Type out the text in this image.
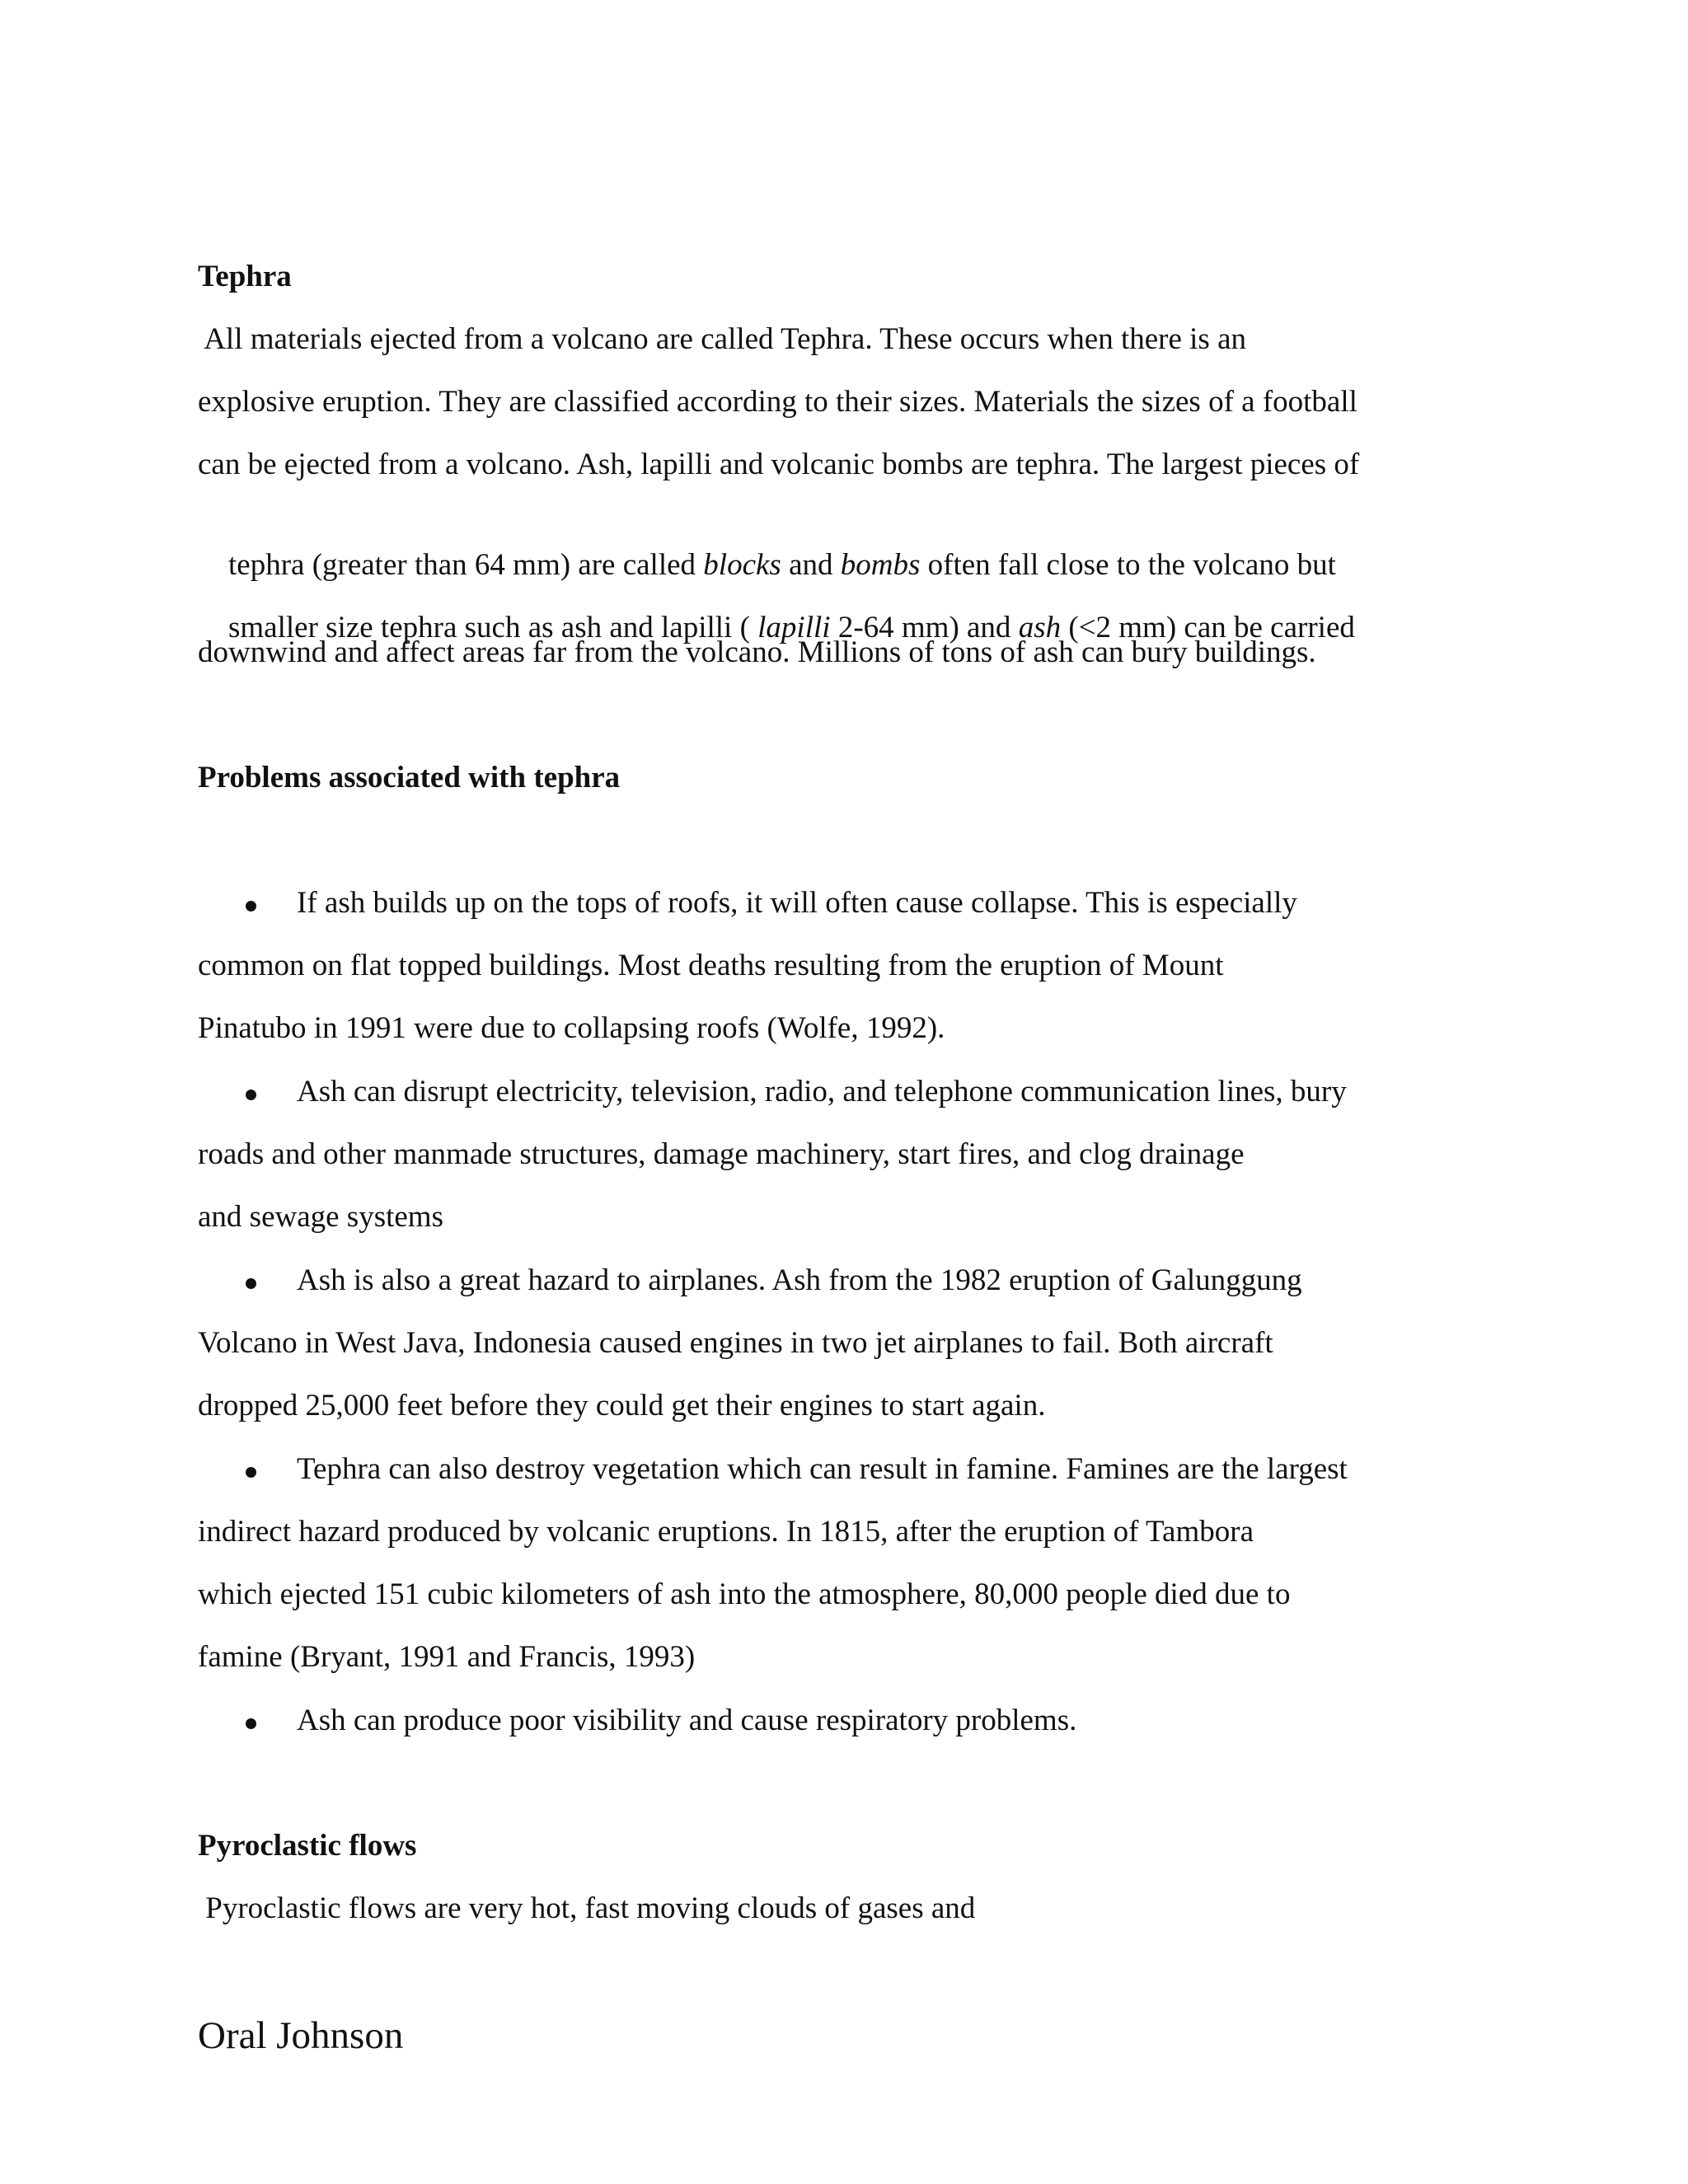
Tephra
All materials ejected from a volcano are called Tephra. These occurs when there is an
explosive eruption. They are classified according to their sizes. Materials the sizes of a football
can be ejected from a volcano. Ash, lapilli and volcanic bombs are tephra. The largest pieces of

tephra (greater than 64 mm) are called blocks and bombs often fall close to the volcano but

smaller size tephra such as ash and lapilli ( lapilli 2-64 mm) and ash (<2 mm) can be carried

downwind and affect areas far from the volcano. Millions of tons of ash can bury buildings.
Problems associated with tephra
If ash builds up on the tops of roofs, it will often cause collapse. This is especially
common on flat topped buildings. Most deaths resulting from the eruption of Mount
Pinatubo in 1991 were due to collapsing roofs (Wolfe, 1992).
Ash can disrupt electricity, television, radio, and telephone communication lines, bury
roads and other manmade structures, damage machinery, start fires, and clog drainage
and sewage systems
Ash is also a great hazard to airplanes. Ash from the 1982 eruption of Galunggung
Volcano in West Java, Indonesia caused engines in two jet airplanes to fail. Both aircraft
dropped 25,000 feet before they could get their engines to start again.
Tephra can also destroy vegetation which can result in famine. Famines are the largest
indirect hazard produced by volcanic eruptions. In 1815, after the eruption of Tambora
which ejected 151 cubic kilometers of ash into the atmosphere, 80,000 people died due to
famine (Bryant, 1991 and Francis, 1993)
Ash can produce poor visibility and cause respiratory problems.
Pyroclastic flows
Pyroclastic flows are very hot, fast moving clouds of gases and
Oral Johnson
